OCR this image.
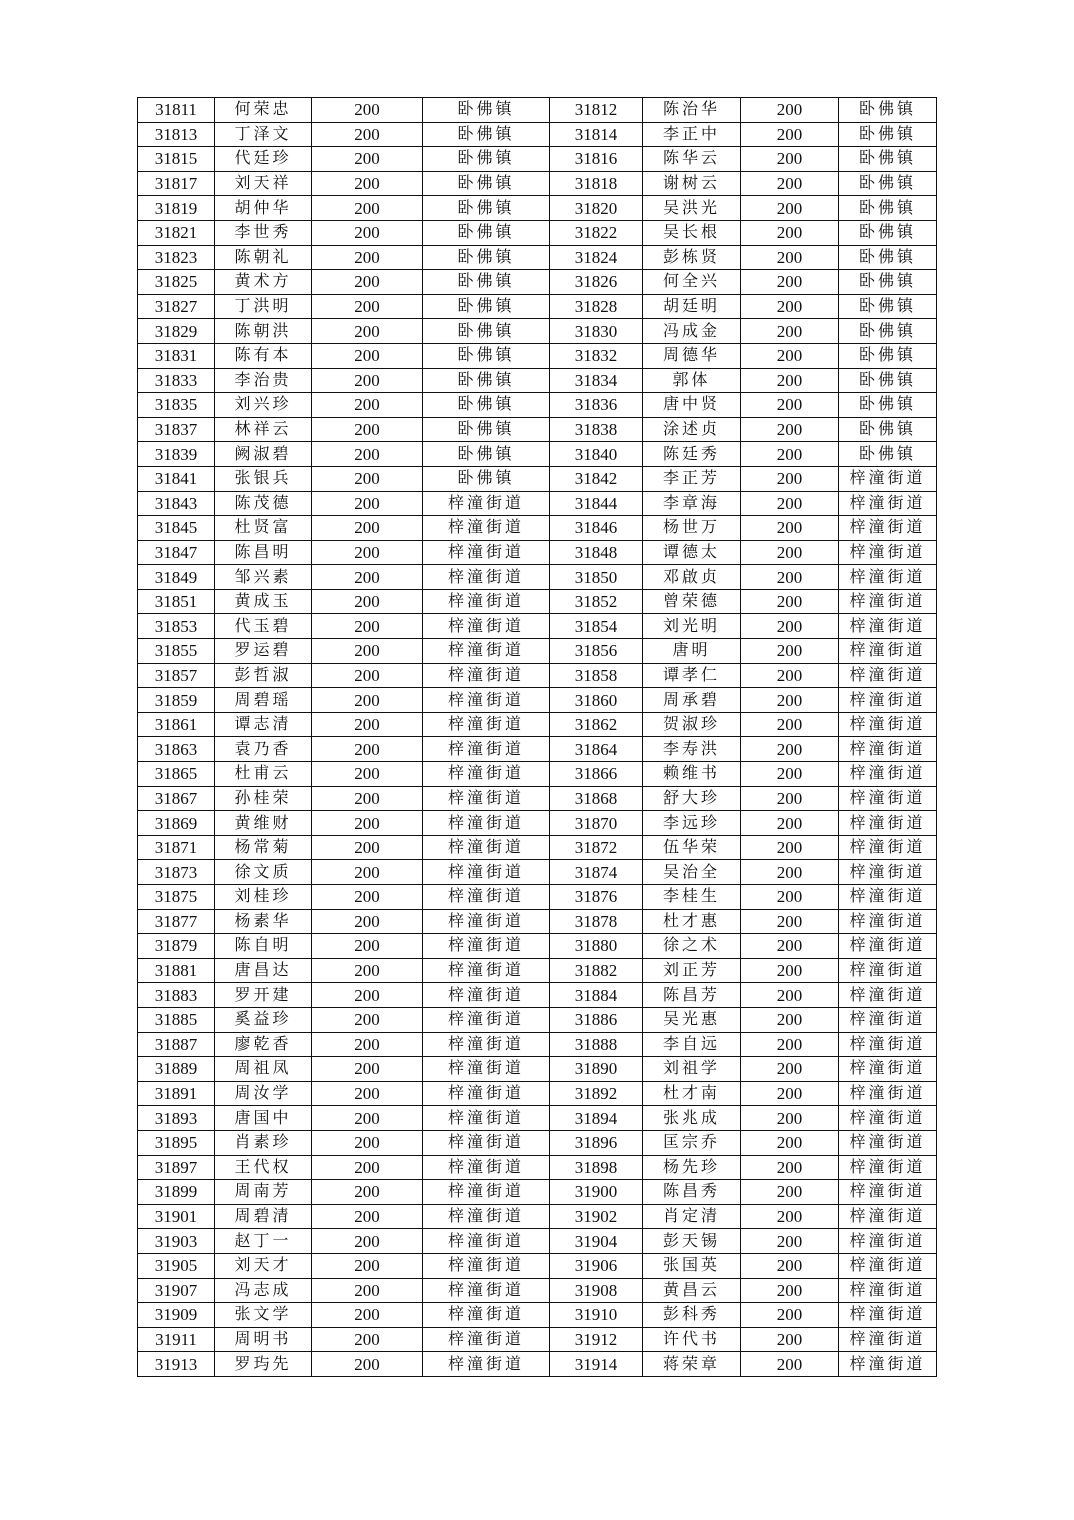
31811	何荣忠	200	卧佛镇	31812	陈治华	200	卧佛镇
31813	丁泽文	200	卧佛镇	31814	李正中	200	卧佛镇
31815	代廷珍	200	卧佛镇	31816	陈华云	200	卧佛镇
31817	刘天祥	200	卧佛镇	31818	谢树云	200	卧佛镇
31819	胡仲华	200	卧佛镇	31820	吴洪光	200	卧佛镇
31821	李世秀	200	卧佛镇	31822	吴长根	200	卧佛镇
31823	陈朝礼	200	卧佛镇	31824	彭栋贤	200	卧佛镇
31825	黄术方	200	卧佛镇	31826	何全兴	200	卧佛镇
31827	丁洪明	200	卧佛镇	31828	胡廷明	200	卧佛镇
31829	陈朝洪	200	卧佛镇	31830	冯成金	200	卧佛镇
31831	陈有本	200	卧佛镇	31832	周德华	200	卧佛镇
31833	李治贵	200	卧佛镇	31834	郭体	200	卧佛镇
31835	刘兴珍	200	卧佛镇	31836	唐中贤	200	卧佛镇
31837	林祥云	200	卧佛镇	31838	涂述贞	200	卧佛镇
31839	阙淑碧	200	卧佛镇	31840	陈廷秀	200	卧佛镇
31841	张银兵	200	卧佛镇	31842	李正芳	200	梓潼街道
31843	陈茂德	200	梓潼街道	31844	李章海	200	梓潼街道
31845	杜贤富	200	梓潼街道	31846	杨世万	200	梓潼街道
31847	陈昌明	200	梓潼街道	31848	谭德太	200	梓潼街道
31849	邹兴素	200	梓潼街道	31850	邓啟贞	200	梓潼街道
31851	黄成玉	200	梓潼街道	31852	曾荣德	200	梓潼街道
31853	代玉碧	200	梓潼街道	31854	刘光明	200	梓潼街道
31855	罗运碧	200	梓潼街道	31856	唐明	200	梓潼街道
31857	彭哲淑	200	梓潼街道	31858	谭孝仁	200	梓潼街道
31859	周碧瑶	200	梓潼街道	31860	周承碧	200	梓潼街道
31861	谭志清	200	梓潼街道	31862	贺淑珍	200	梓潼街道
31863	袁乃香	200	梓潼街道	31864	李寿洪	200	梓潼街道
31865	杜甫云	200	梓潼街道	31866	赖维书	200	梓潼街道
31867	孙桂荣	200	梓潼街道	31868	舒大珍	200	梓潼街道
31869	黄维财	200	梓潼街道	31870	李远珍	200	梓潼街道
31871	杨常菊	200	梓潼街道	31872	伍华荣	200	梓潼街道
31873	徐文质	200	梓潼街道	31874	吴治全	200	梓潼街道
31875	刘桂珍	200	梓潼街道	31876	李桂生	200	梓潼街道
31877	杨素华	200	梓潼街道	31878	杜才惠	200	梓潼街道
31879	陈自明	200	梓潼街道	31880	徐之术	200	梓潼街道
31881	唐昌达	200	梓潼街道	31882	刘正芳	200	梓潼街道
31883	罗开建	200	梓潼街道	31884	陈昌芳	200	梓潼街道
31885	奚益珍	200	梓潼街道	31886	吴光惠	200	梓潼街道
31887	廖乾香	200	梓潼街道	31888	李自远	200	梓潼街道
31889	周祖凤	200	梓潼街道	31890	刘祖学	200	梓潼街道
31891	周汝学	200	梓潼街道	31892	杜才南	200	梓潼街道
31893	唐国中	200	梓潼街道	31894	张兆成	200	梓潼街道
31895	肖素珍	200	梓潼街道	31896	匡宗乔	200	梓潼街道
31897	王代权	200	梓潼街道	31898	杨先珍	200	梓潼街道
31899	周南芳	200	梓潼街道	31900	陈昌秀	200	梓潼街道
31901	周碧清	200	梓潼街道	31902	肖定清	200	梓潼街道
31903	赵丁一	200	梓潼街道	31904	彭天锡	200	梓潼街道
31905	刘天才	200	梓潼街道	31906	张国英	200	梓潼街道
31907	冯志成	200	梓潼街道	31908	黄昌云	200	梓潼街道
31909	张文学	200	梓潼街道	31910	彭科秀	200	梓潼街道
31911	周明书	200	梓潼街道	31912	许代书	200	梓潼街道
31913	罗玙先	200	梓潼街道	31914	蒋荣章	200	梓潼街道
